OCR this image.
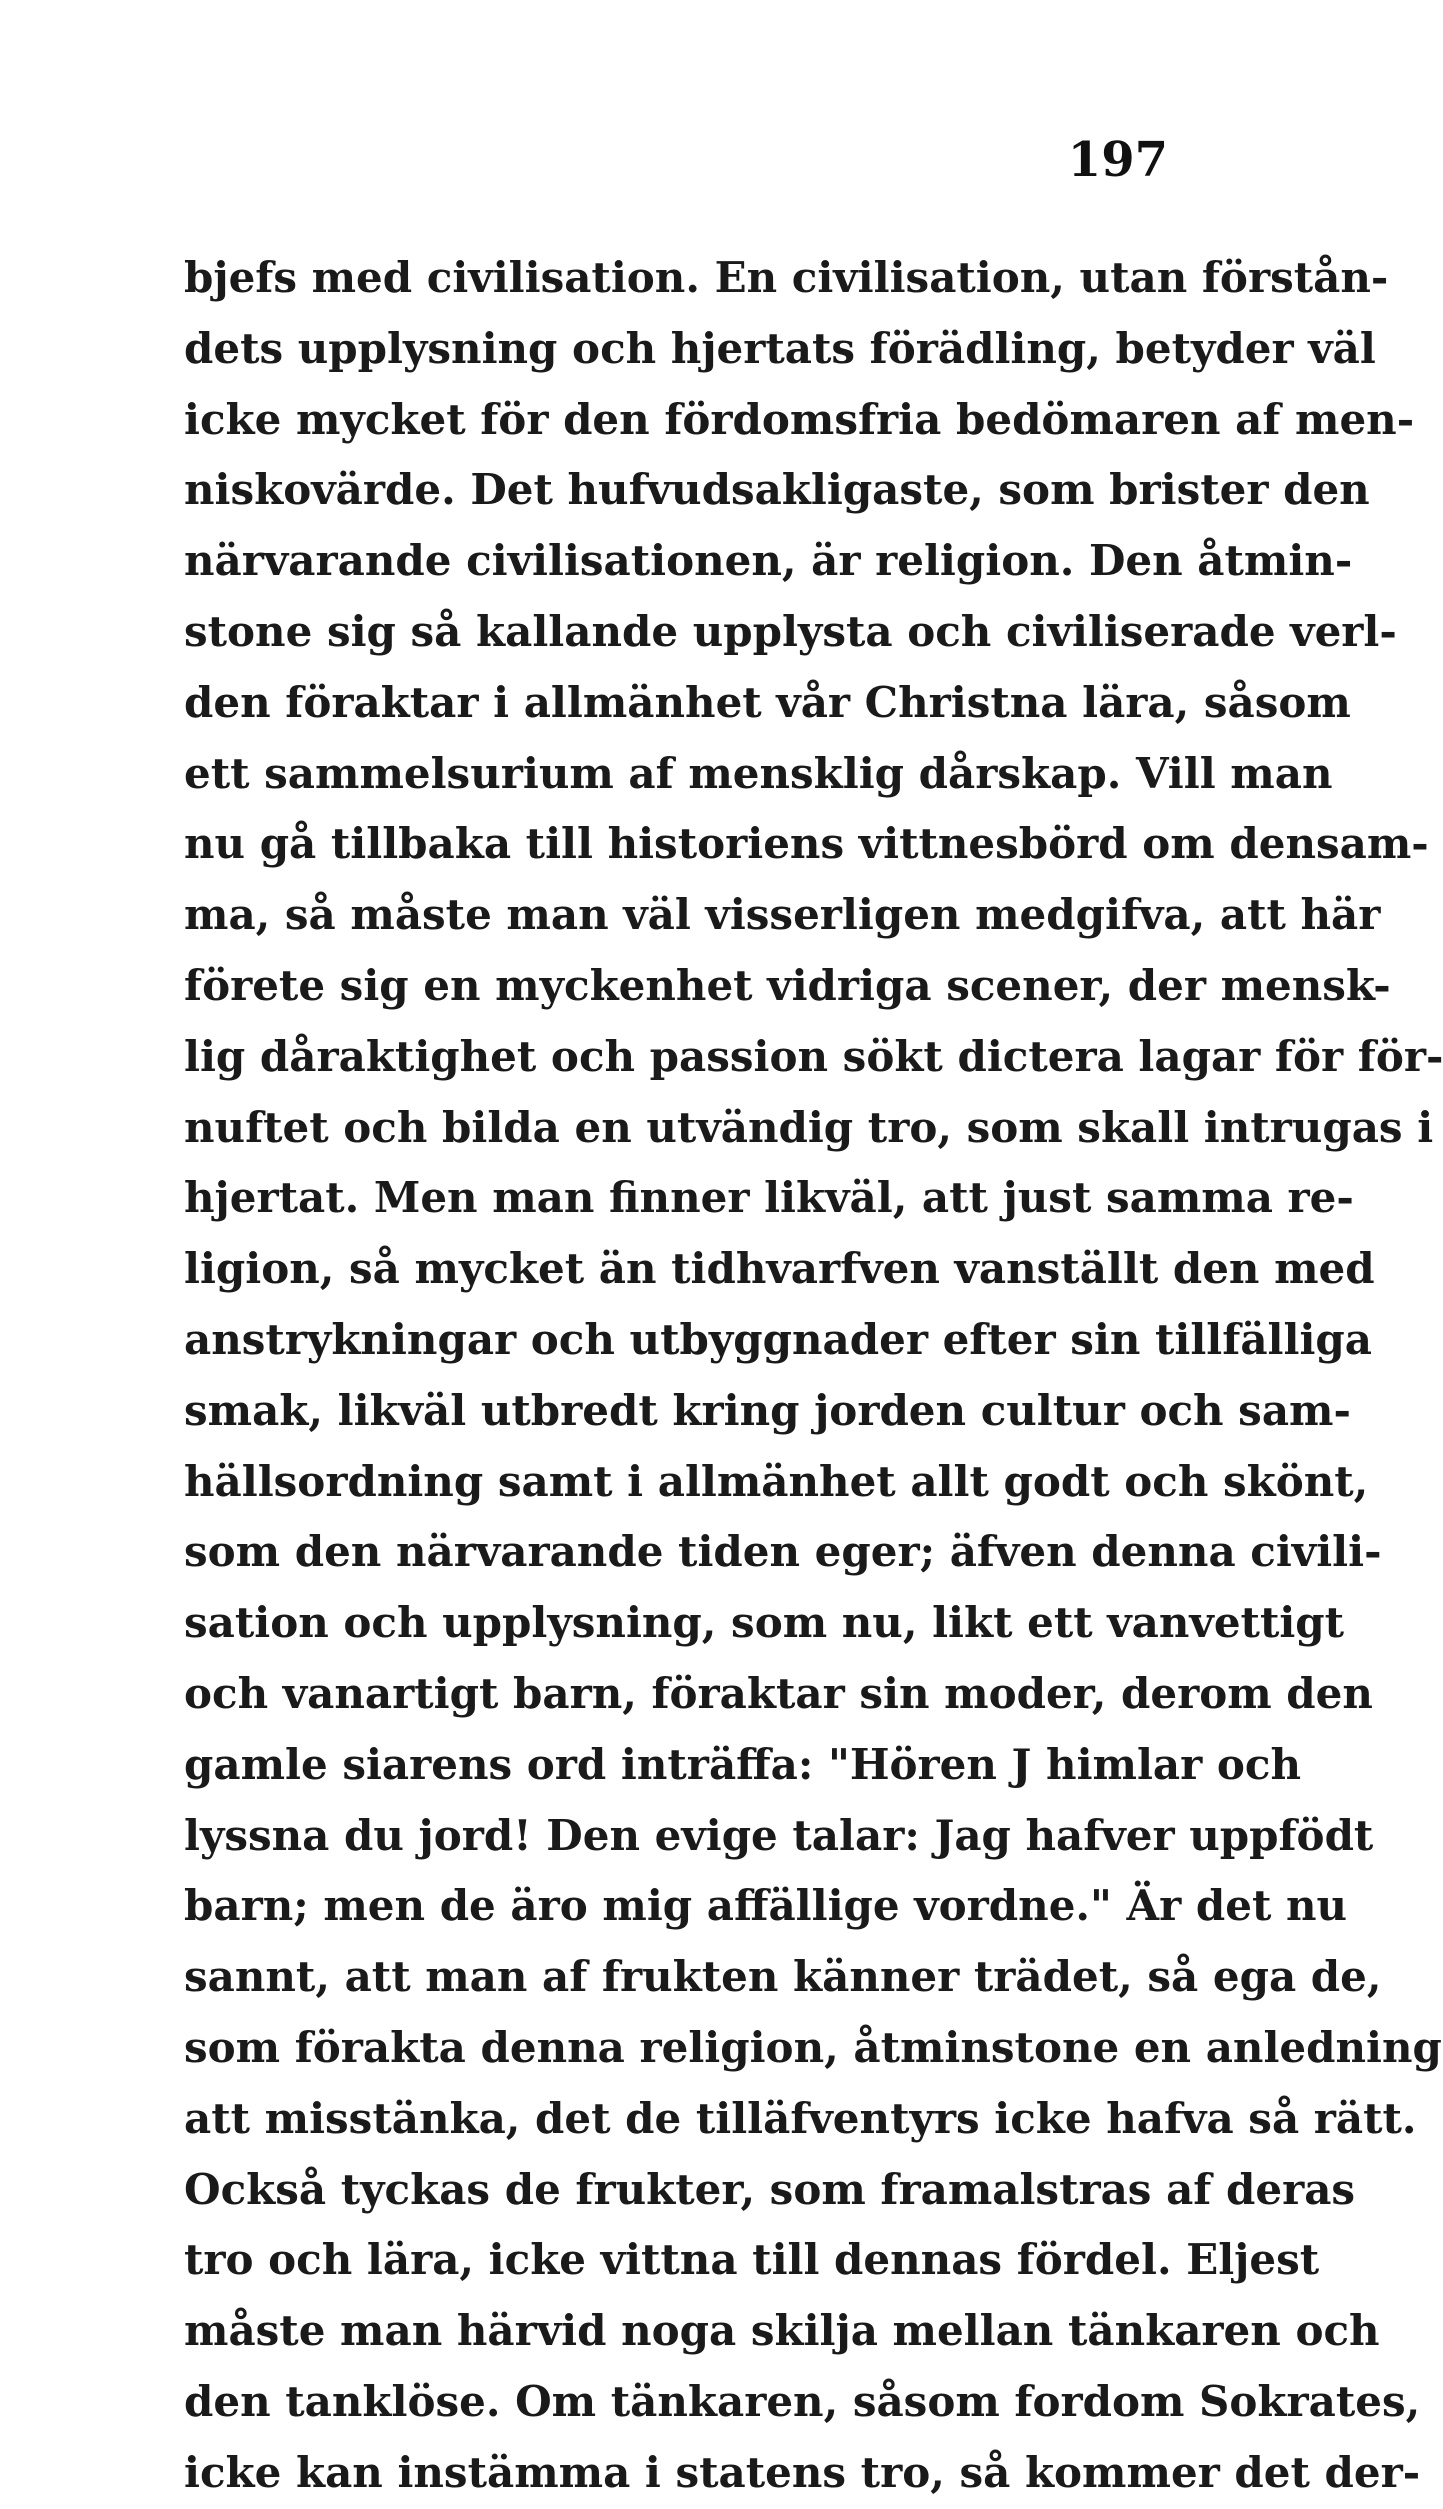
197
bjefs med civilisation. En civilisation, utan förstån-
dets upplysning och hjertats förädling, betyder väl
icke mycket för den fördomsfria bedömaren af men-
niskovärde. Det hufvudsakligaste, som brister den
närvarande civilisationen, är religion. Den åtmin-
stone sig så kallande upplysta och civiliserade verl-
den föraktar i allmänhet vår Christna lära, såsom
ett sammelsurium af mensklig dårskap. Vill man
nu gå tillbaka till historiens vittnesbörd om densam-
ma, så måste man väl visserligen medgifva, att här
förete sig en myckenhet vidriga scener, der mensk-
lig dåraktighet och passion sökt dictera lagar för för-
nuftet och bilda en utvändig tro, som skall intrugas i
hjertat. Men man finner likväl, att just samma re-
ligion, så mycket än tidhvarfven vanställt den med
anstrykningar och utbyggnader efter sin tillfälliga
smak, likväl utbredt kring jorden cultur och sam-
hällsordning samt i allmänhet allt godt och skönt,
som den närvarande tiden eger; äfven denna civili-
sation och upplysning, som nu, likt ett vanvettigt
och vanartigt barn, föraktar sin moder, derom den
gamle siarens ord inträffa: "Hören J himlar och
lyssna du jord! Den evige talar: Jag hafver uppfödt
barn; men de äro mig affällige vordne." Är det nu
sannt, att man af frukten känner trädet, så ega de,
som förakta denna religion, åtminstone en anledning
att misstänka, det de tilläfventyrs icke hafva så rätt.
Också tyckas de frukter, som framalstras af deras
tro och lära, icke vittna till dennas fördel. Eljest
måste man härvid noga skilja mellan tänkaren och
den tanklöse. Om tänkaren, såsom fordom Sokrates,
icke kan instämma i statens tro, så kommer det der-
